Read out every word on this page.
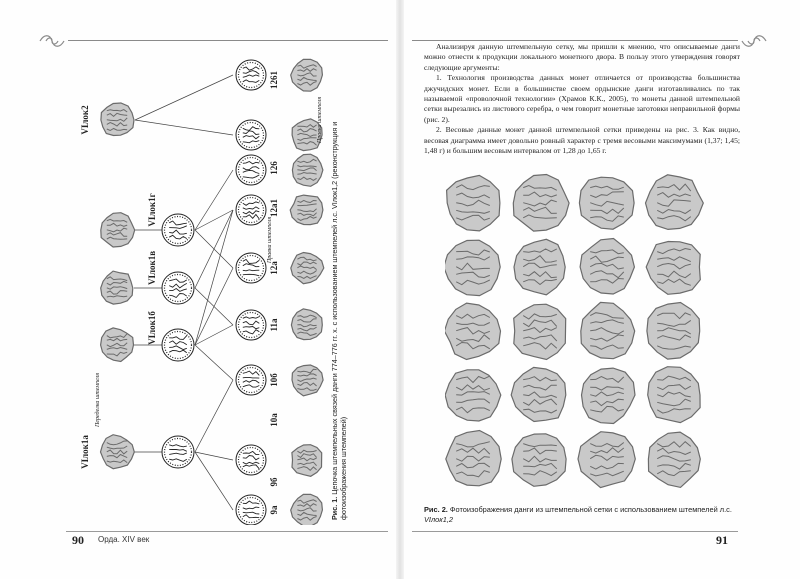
VIлок2
VIлок1г
VIлок1в
VIлок1б
VIлок1а
Переделка штемпеля
126
12а
11а
10б
10а
9б
9а
1261
12а1
Правка штемпеля
Правка штемпеля
Рис. 1. Цепочка штемпельных связей данги 774–776 гг. х. с использованием штемпелей л.с. VIлок1,2 (реконструкция и фотоизображения штемпелей)

Анализируя данную штемпельную сетку, мы пришли к мнению, что описываемые данги можно отнести к продукции локального монетного двора. В пользу этого утверждения говорят следующие аргументы:

1. Технология производства данных монет отличается от производства большинства джучидских монет. Если в большинстве своем ордынские данги изготавливались по так называемой «проволочной технологии» (Храмов К.К., 2005), то монеты данной штемпельной сетки вырезались из листового серебра, о чем говорит монетные заготовки неправильной формы (рис. 2).

2. Весовые данные монет данной штемпельной сетки приведены на рис. 3. Как видно, весовая диаграмма имеет довольно ровный характер с тремя весовыми максимумами (1,37; 1,45; 1,48 г) и большим весовым интервалом от 1,28 до 1,65 г.

Рис. 2. Фотоизображения данги из штемпельной сетки с использованием штемпелей л.с. VIлок1,2
90 Орда. XIV век	91
